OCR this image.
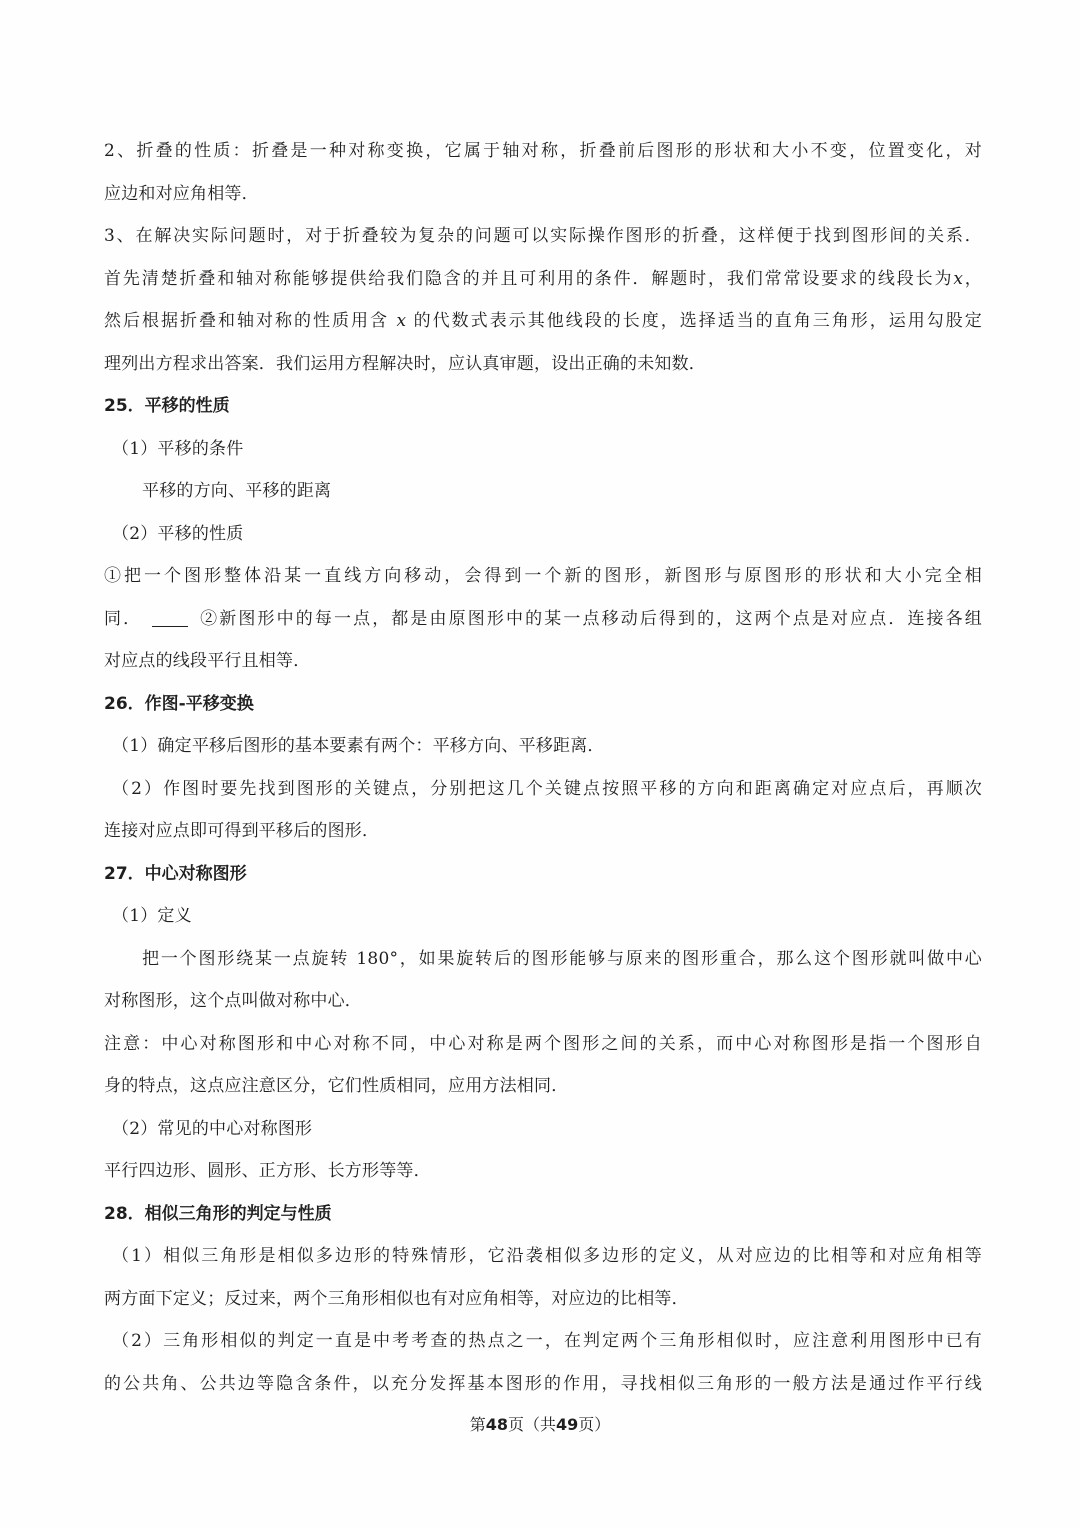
2、折叠的性质：折叠是一种对称变换，它属于轴对称，折叠前后图形的形状和大小不变，位置变化，对
应边和对应角相等．
3、在解决实际问题时，对于折叠较为复杂的问题可以实际操作图形的折叠，这样便于找到图形间的关系．
首先清楚折叠和轴对称能够提供给我们隐含的并且可利用的条件．解题时，我们常常设要求的线段长为x，
然后根据折叠和轴对称的性质用含 x 的代数式表示其他线段的长度，选择适当的直角三角形，运用勾股定
理列出方程求出答案．我们运用方程解决时，应认真审题，设出正确的未知数．
25．平移的性质
（1）平移的条件
平移的方向、平移的距离
（2）平移的性质
①把一个图形整体沿某一直线方向移动，会得到一个新的图形，新图形与原图形的形状和大小完全相
同．	②新图形中的每一点，都是由原图形中的某一点移动后得到的，这两个点是对应点．连接各组
对应点的线段平行且相等．
26．作图-平移变换
（1）确定平移后图形的基本要素有两个：平移方向、平移距离．
（2）作图时要先找到图形的关键点，分别把这几个关键点按照平移的方向和距离确定对应点后，再顺次
连接对应点即可得到平移后的图形．
27．中心对称图形
（1）定义
把一个图形绕某一点旋转 180°，如果旋转后的图形能够与原来的图形重合，那么这个图形就叫做中心
对称图形，这个点叫做对称中心．
注意：中心对称图形和中心对称不同，中心对称是两个图形之间的关系，而中心对称图形是指一个图形自
身的特点，这点应注意区分，它们性质相同，应用方法相同．
（2）常见的中心对称图形
平行四边形、圆形、正方形、长方形等等．
28．相似三角形的判定与性质
（1）相似三角形是相似多边形的特殊情形，它沿袭相似多边形的定义，从对应边的比相等和对应角相等
两方面下定义；反过来，两个三角形相似也有对应角相等，对应边的比相等．
（2）三角形相似的判定一直是中考考查的热点之一，在判定两个三角形相似时，应注意利用图形中已有
的公共角、公共边等隐含条件，以充分发挥基本图形的作用，寻找相似三角形的一般方法是通过作平行线
第48页（共49页）
